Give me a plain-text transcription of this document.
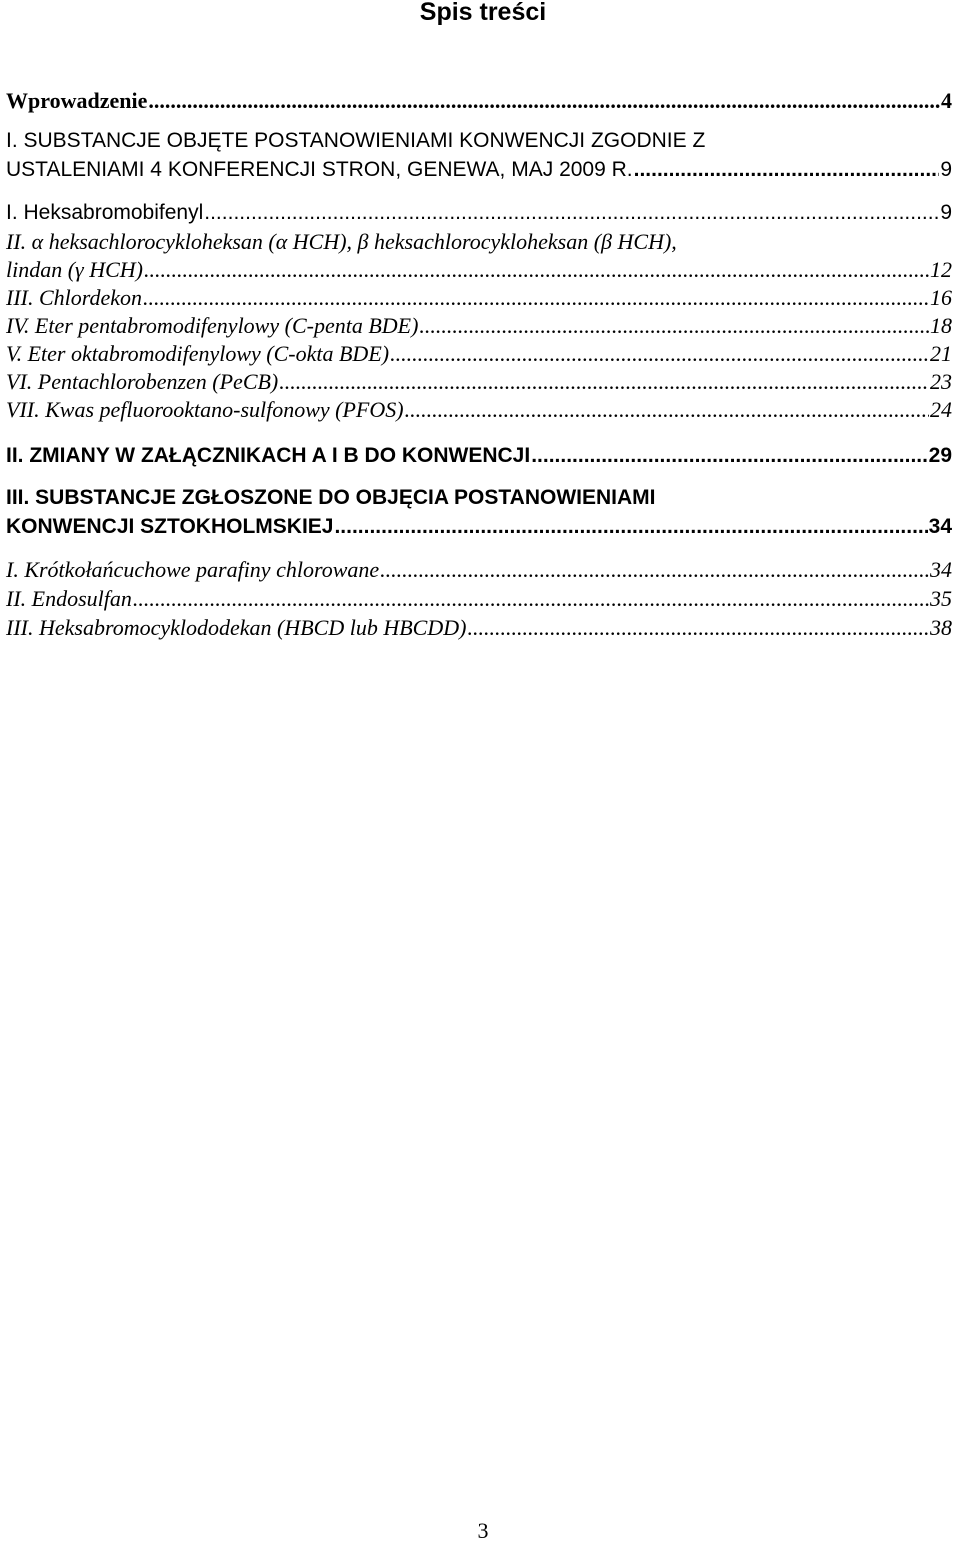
Spis treści
Wprowadzenie .....	4
I. SUBSTANCJE OBJĘTE POSTANOWIENIAMI KONWENCJI ZGODNIE Z
USTALENIAMI 4 KONFERENCJI STRON, GENEWA, MAJ 2009 R. .....	9
I. Heksabromobifenyl .....	9
II. α heksachlorocykloheksan (α HCH), β heksachlorocykloheksan (β HCH),
lindan (γ HCH) .....	12
III. Chlordekon .....	16
IV. Eter pentabromodifenylowy (C-penta BDE) .....	18
V. Eter oktabromodifenylowy (C-okta BDE) .....	21
VI. Pentachlorobenzen (PeCB) .....	23
VII. Kwas pefluorooktano-sulfonowy (PFOS) .....	24
II. ZMIANY W ZAŁĄCZNIKACH A I B DO KONWENCJI .....	29
III. SUBSTANCJE ZGŁOSZONE DO OBJĘCIA POSTANOWIENIAMI
KONWENCJI SZTOKHOLMSKIEJ .....	34
I. Krótkołańcuchowe parafiny chlorowane .....	34
II. Endosulfan .....	35
III. Heksabromocyklododekan (HBCD lub HBCDD) .....	38
3
